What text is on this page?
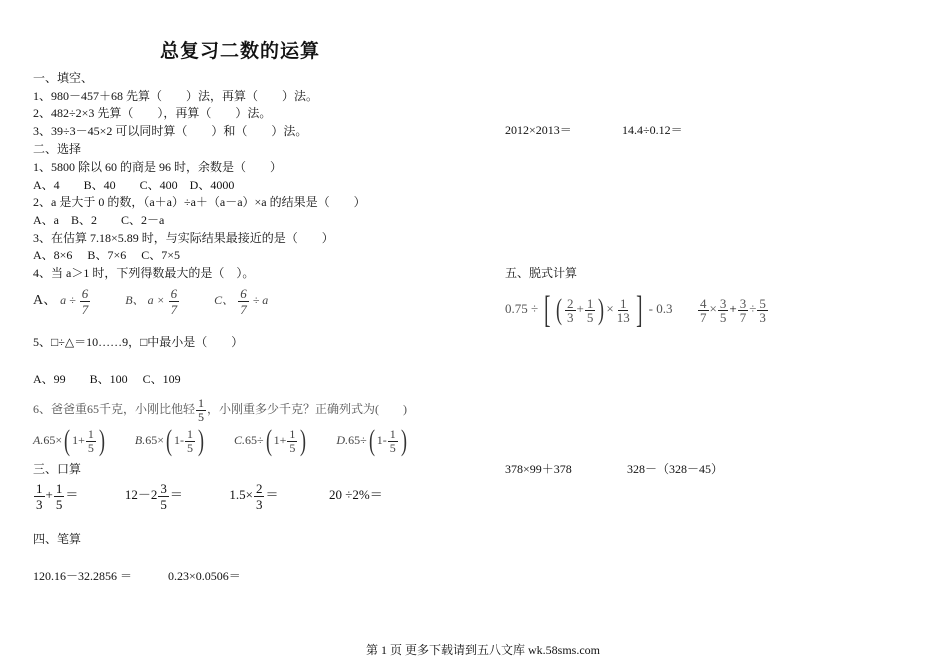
总复习二数的运算
一、填空、
1、980－457＋68 先算（　　）法，再算（　　）法。
2、482÷2×3 先算（　　），再算（　　）法。
3、39÷3－45×2 可以同时算（　　）和（　　）法。
二、选择
1、5800 除以 60 的商是 96 时，余数是（　　）
A、4　　B、40　　C、400　D、4000
2、a 是大于 0 的数，（a＋a）÷a＋（a－a）×a 的结果是（　　）
A、a　B、2　　C、2－a
3、在估算 7.18×5.89 时，与实际结果最接近的是（　　）
A、8×6　 B、7×6　 C、7×5
4、当 a＞1 时，下列得数最大的是（　）。
A、 $a \div \frac{6}{7}$	B、 $a \times \frac{6}{7}$	C、 $\frac{6}{7} \div a$
5、□÷△＝10……9，□中最小是（　　）
A、99　　B、100　 C、109
6、爸爸重65千克，小刚比他轻 $\frac{1}{5}$ ，小刚重多少千克？正确列式为(　　)
A.65×( $1+ \frac{1}{5}$ )	B.65×( $1- \frac{1}{5}$ )	C.65÷( $1+ \frac{1}{5}$ )	D.65÷( $1- \frac{1}{5}$ )
三、口算
$\frac{1}{3} + \frac{1}{5}$ ＝	$12-2 \frac{3}{5}$ ＝	$1.5\times \frac{2}{3}$ ＝	20 ÷2%＝
四、笔算
120.16－32.2856 ＝	0.23×0.0506＝
2012×2013＝	14.4÷0.12＝
五、脱式计算
0.75 ÷ [ ( $\frac{2}{3} + \frac{1}{5}$ ) × $\frac{1}{13}$ ] - $0.3 \frac{4}{7} \times \frac{3}{5} + \frac{3}{7} \div \frac{5}{3}$
378×99＋378	328－（328－45）
第 1 页 更多下载请到五八文库 wk.58sms.com
